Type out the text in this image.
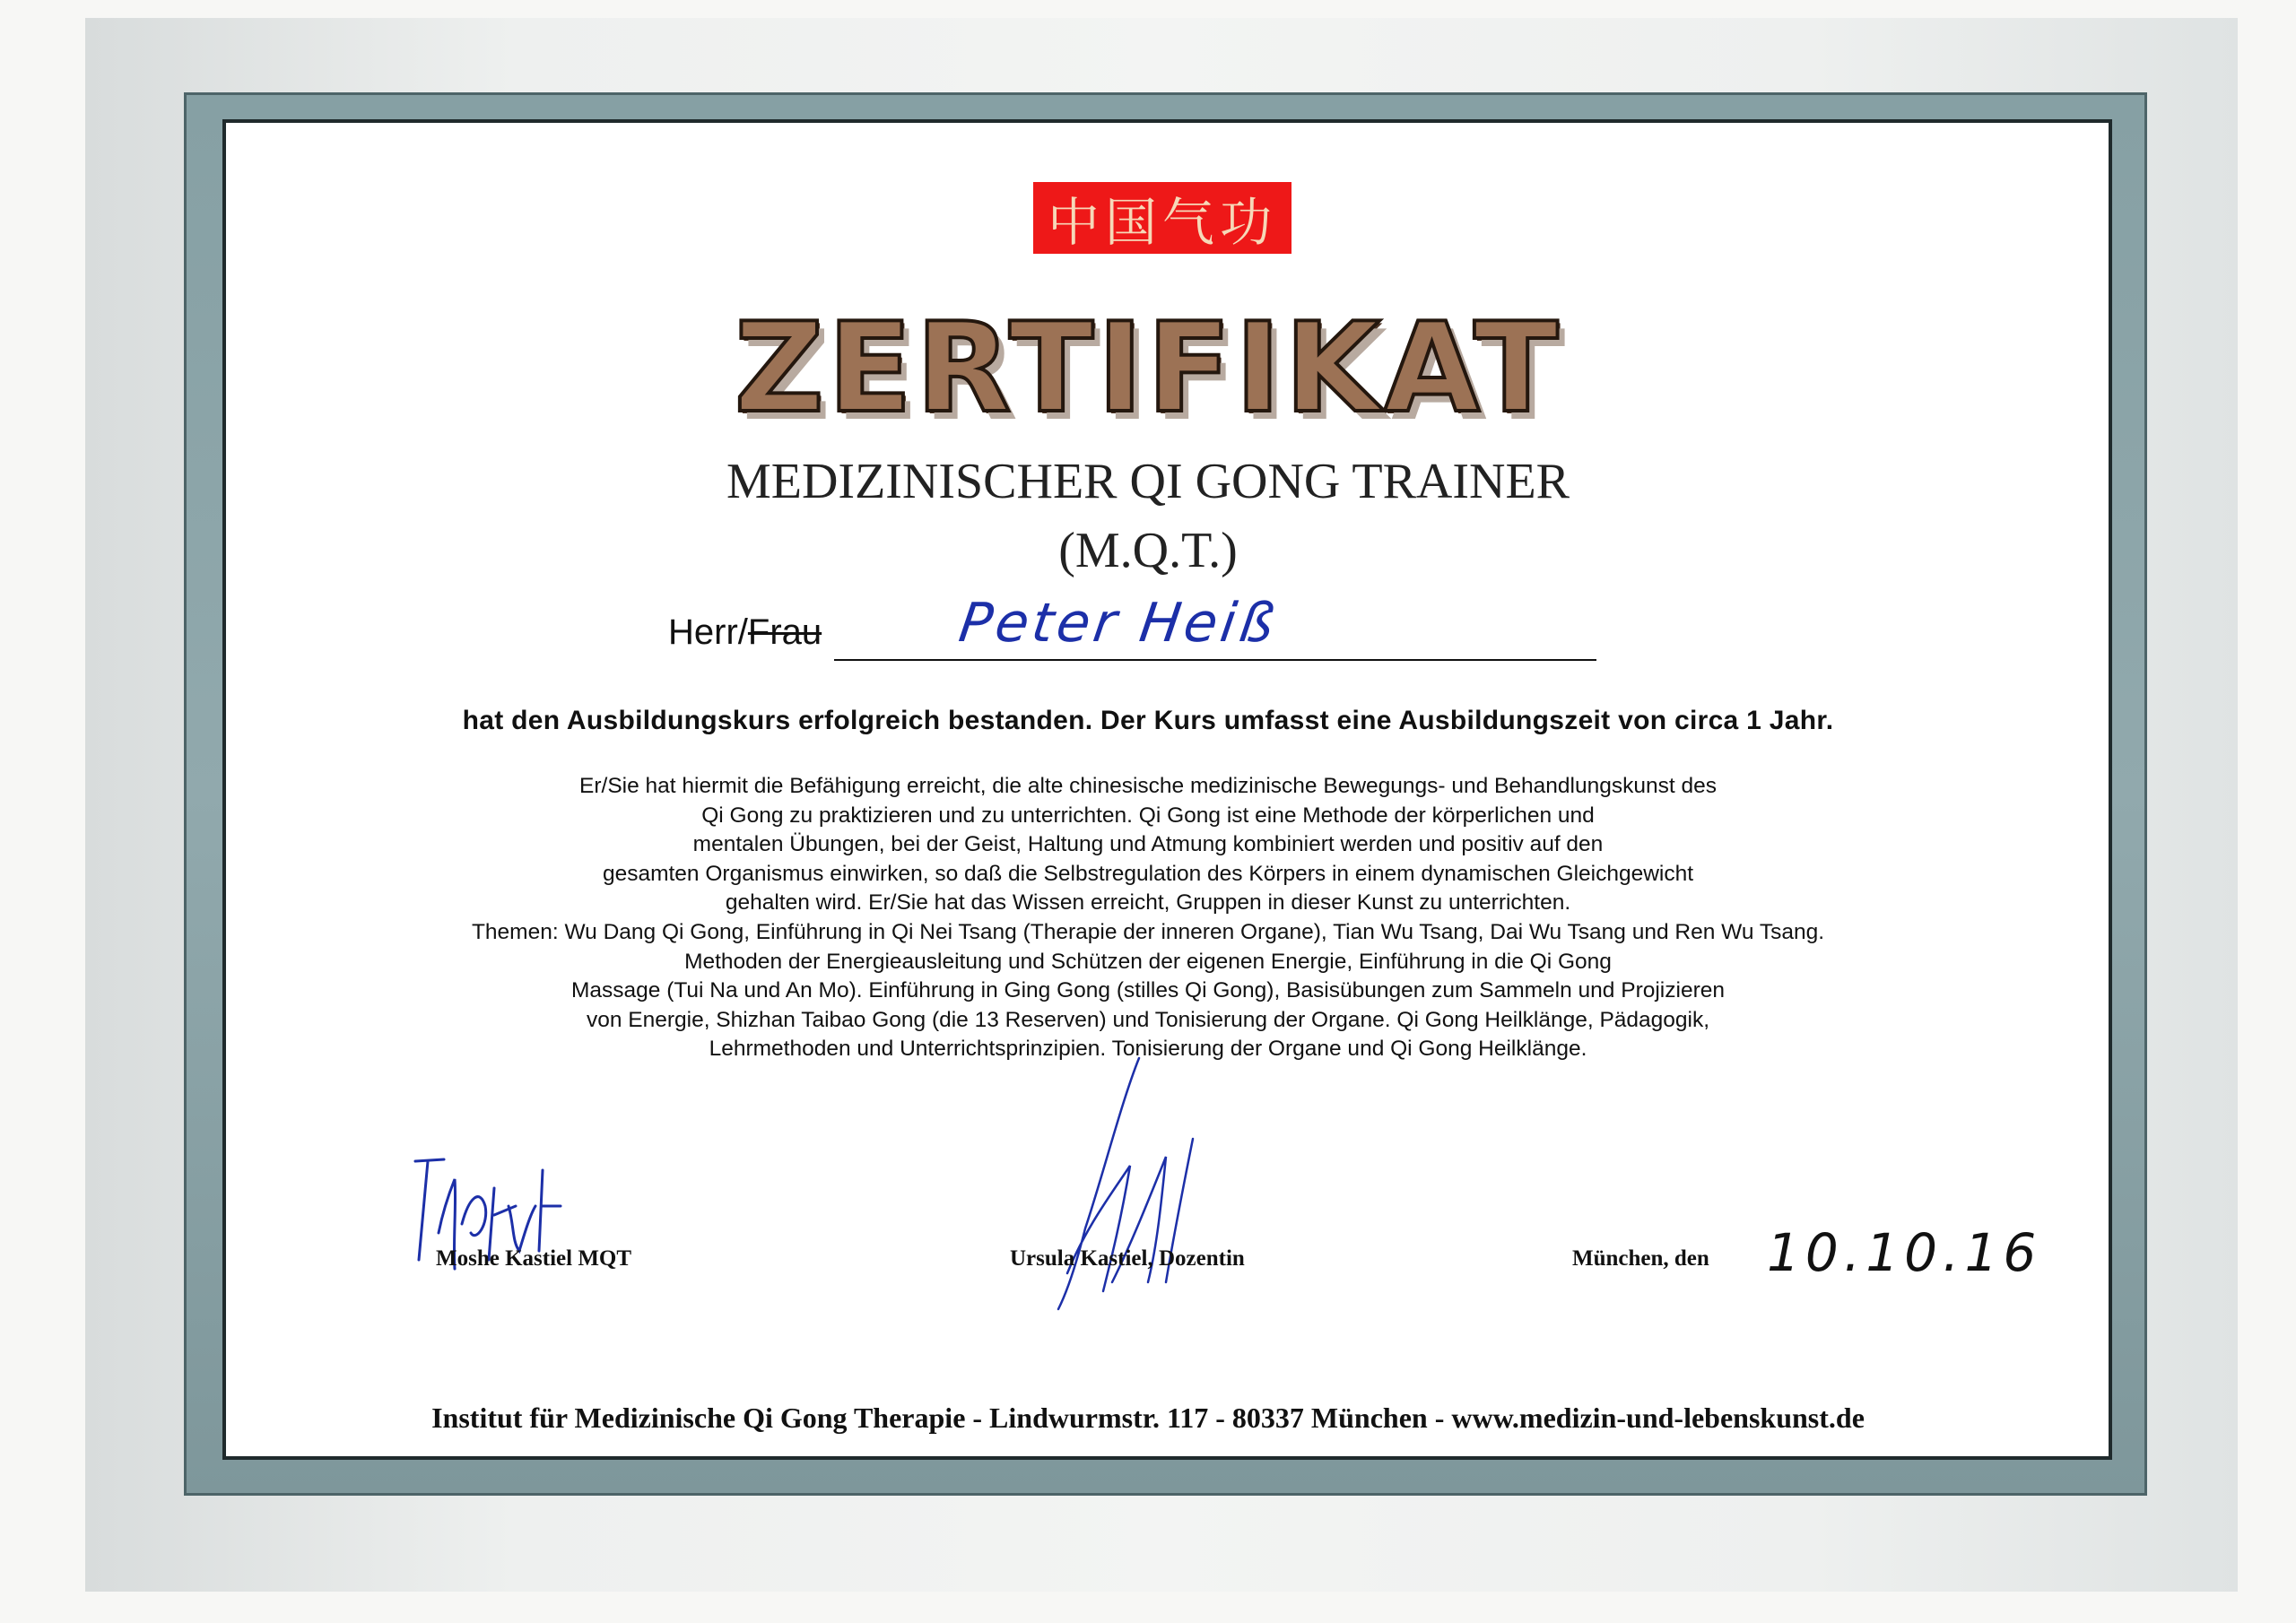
中国气功
ZERTIFIKAT
MEDIZINISCHER QI GONG TRAINER
(M.Q.T.)
Herr/Frau Peter Heiß
hat den Ausbildungskurs erfolgreich bestanden. Der Kurs umfasst eine Ausbildungszeit von circa 1 Jahr.
Er/Sie hat hiermit die Befähigung erreicht, die alte chinesische medizinische Bewegungs- und Behandlungskunst des
Qi Gong zu praktizieren und zu unterrichten. Qi Gong ist eine Methode der körperlichen und
mentalen Übungen, bei der Geist, Haltung und Atmung kombiniert werden und positiv auf den
gesamten Organismus einwirken, so daß die Selbstregulation des Körpers in einem dynamischen Gleichgewicht
gehalten wird. Er/Sie hat das Wissen erreicht, Gruppen in dieser Kunst zu unterrichten.
Themen: Wu Dang Qi Gong, Einführung in Qi Nei Tsang (Therapie der inneren Organe), Tian Wu Tsang, Dai Wu Tsang und Ren Wu Tsang.
Methoden der Energieausleitung und Schützen der eigenen Energie, Einführung in die Qi Gong
Massage (Tui Na und An Mo). Einführung in Ging Gong (stilles Qi Gong), Basisübungen zum Sammeln und Projizieren
von Energie, Shizhan Taibao Gong (die 13 Reserven) und Tonisierung der Organe. Qi Gong Heilklänge, Pädagogik,
Lehrmethoden und Unterrichtsprinzipien. Tonisierung der Organe und Qi Gong Heilklänge.
Moshe Kastiel MQT	Ursula Kastiel, Dozentin	München, den 10.10.16
Institut für Medizinische Qi Gong Therapie - Lindwurmstr. 117 - 80337 München - www.medizin-und-lebenskunst.de
